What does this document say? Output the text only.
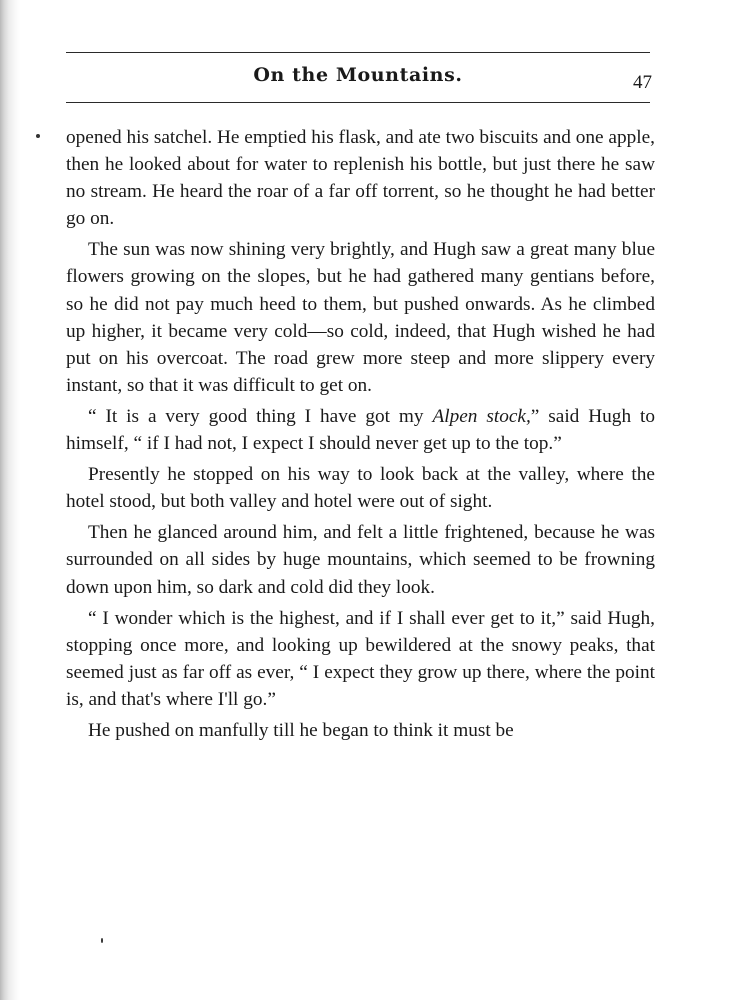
On the Mountains.	47

opened his satchel. He emptied his flask, and ate two biscuits and one apple, then he looked about for water to replenish his bottle, but just there he saw no stream. He heard the roar of a far off torrent, so he thought he had better go on.

The sun was now shining very brightly, and Hugh saw a great many blue flowers growing on the slopes, but he had gathered many gentians before, so he did not pay much heed to them, but pushed onwards. As he climbed up higher, it became very cold—so cold, indeed, that Hugh wished he had put on his overcoat. The road grew more steep and more slippery every instant, so that it was difficult to get on.

“ It is a very good thing I have got my Alpen stock,” said Hugh to himself, “ if I had not, I expect I should never get up to the top.”

Presently he stopped on his way to look back at the valley, where the hotel stood, but both valley and hotel were out of sight.

Then he glanced around him, and felt a little frightened, because he was surrounded on all sides by huge mountains, which seemed to be frowning down upon him, so dark and cold did they look.

“ I wonder which is the highest, and if I shall ever get to it,” said Hugh, stopping once more, and looking up bewildered at the snowy peaks, that seemed just as far off as ever, “ I expect they grow up there, where the point is, and that's where I'll go.”

He pushed on manfully till he began to think it must be
